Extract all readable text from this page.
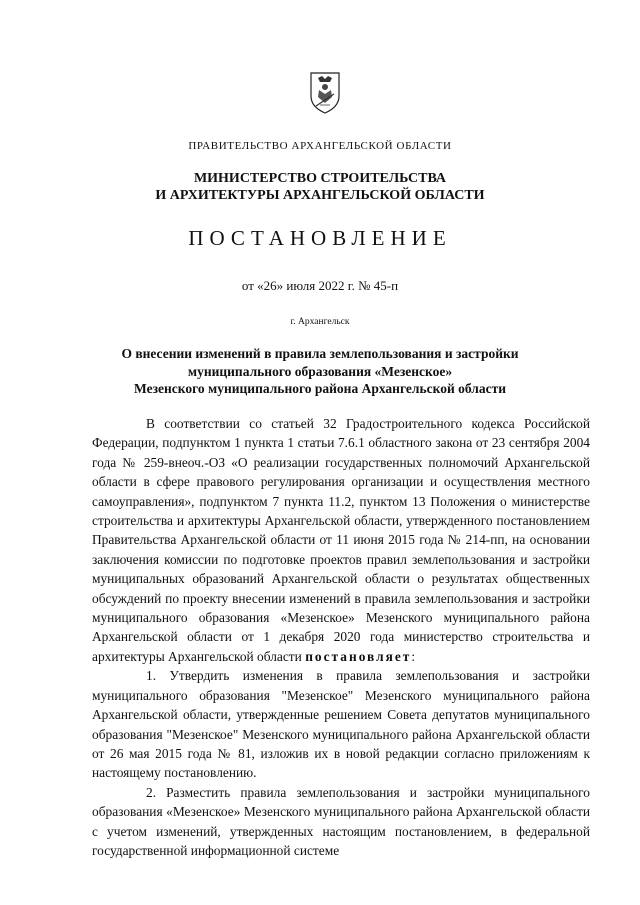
ПРАВИТЕЛЬСТВО АРХАНГЕЛЬСКОЙ ОБЛАСТИ
МИНИСТЕРСТВО СТРОИТЕЛЬСТВА
И АРХИТЕКТУРЫ АРХАНГЕЛЬСКОЙ ОБЛАСТИ
ПОСТАНОВЛЕНИЕ
от «26» июля 2022 г. № 45-п
г. Архангельск
О внесении изменений в правила землепользования и застройки
муниципального образования «Мезенское»
Мезенского муниципального района Архангельской области

В соответствии со статьей 32 Градостроительного кодекса Российской Федерации, подпунктом 1 пункта 1 статьи 7.6.1 областного закона от 23 сентября 2004 года № 259-внеоч.-ОЗ «О реализации государственных полномочий Архангельской области в сфере правового регулирования организации и осуществления местного самоуправления», подпунктом 7 пункта 11.2, пунктом 13 Положения о министерстве строительства и архитектуры Архангельской области, утвержденного постановлением Правительства Архангельской области от 11 июня 2015 года № 214-пп, на основании заключения комиссии по подготовке проектов правил землепользования и застройки муниципальных образований Архангельской области о результатах общественных обсуждений по проекту внесении изменений в правила землепользования и застройки муниципального образования «Мезенское» Мезенского муниципального района Архангельской области от 1 декабря 2020 года министерство строительства и архитектуры Архангельской области постановляет:

1. Утвердить изменения в правила землепользования и застройки муниципального образования "Мезенское" Мезенского муниципального района Архангельской области, утвержденные решением Совета депутатов муниципального образования "Мезенское" Мезенского муниципального района Архангельской области от 26 мая 2015 года № 81, изложив их в новой редакции согласно приложениям к настоящему постановлению.

2. Разместить правила землепользования и застройки муниципального образования «Мезенское» Мезенского муниципального района Архангельской области с учетом изменений, утвержденных настоящим постановлением, в федеральной государственной информационной системе
